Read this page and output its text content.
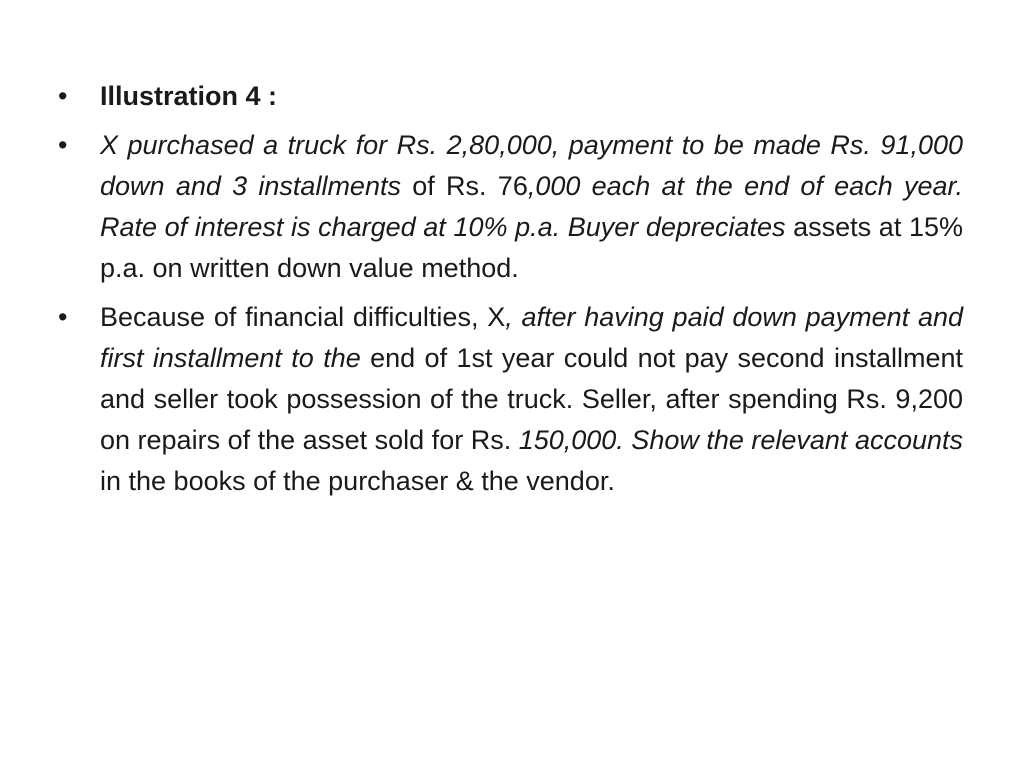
•	Illustration 4 :
•	X purchased a truck for Rs. 2,80,000, payment to be made Rs. 91,000 down and 3 installments of Rs. 76,000 each at the end of each year. Rate of interest is charged at 10% p.a. Buyer depreciates assets at 15% p.a. on written down value method.
•	Because of financial difficulties, X, after having paid down payment and first installment to the end of 1st year could not pay second installment and seller took possession of the truck. Seller, after spending Rs. 9,200 on repairs of the asset sold for Rs. 150,000. Show the relevant accounts in the books of the purchaser & the vendor.
